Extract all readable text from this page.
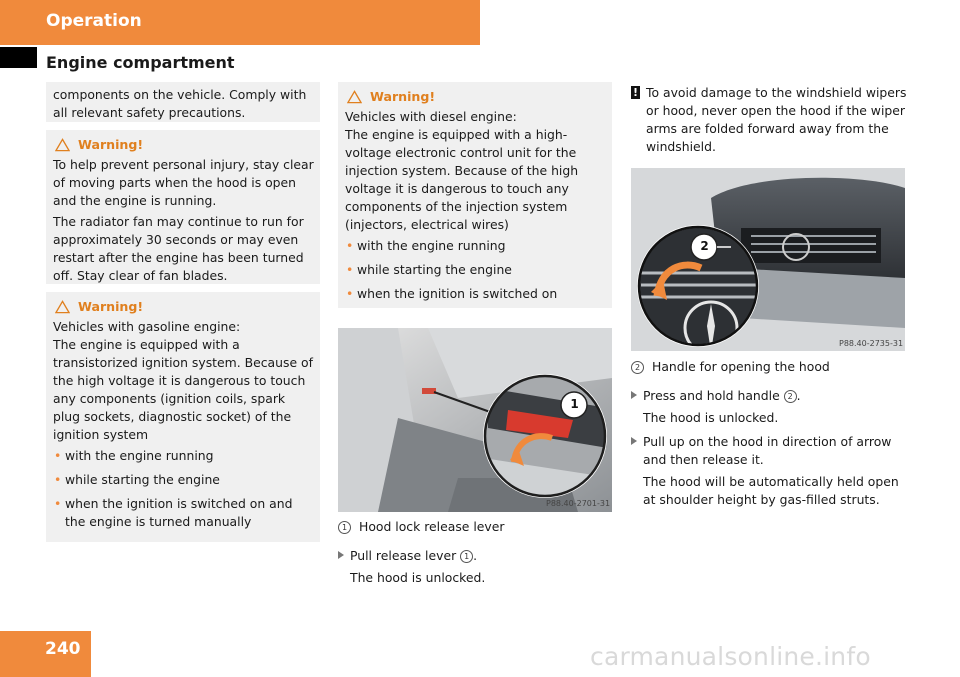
Operation
Engine compartment

components on the vehicle. Comply with all relevant safety precautions.

Warning!

To help prevent personal injury, stay clear of moving parts when the hood is open and the engine is running.

The radiator fan may continue to run for approximately 30 seconds or may even restart after the engine has been turned off. Stay clear of fan blades.

Warning!

Vehicles with gasoline engine:

The engine is equipped with a transistorized ignition system. Because of the high voltage it is dangerous to touch any components (ignition coils, spark plug sockets, diagnostic socket) of the ignition system

• with the engine running
• while starting the engine
• when the ignition is switched on and the engine is turned manually
Warning!

Vehicles with diesel engine:

The engine is equipped with a high-voltage electronic control unit for the injection system. Because of the high voltage it is dangerous to touch any components of the injection system (injectors, electrical wires)

• with the engine running
• while starting the engine
• when the ignition is switched on
1
P88.40-2701-31

1 Hood lock release lever

Pull release lever 1 .

The hood is unlocked.

! To avoid damage to the windshield wipers or hood, never open the hood if the wiper arms are folded forward away from the windshield.

2
P88.40-2735-31

2 Handle for opening the hood

Press and hold handle 2 .

The hood is unlocked.

Pull up on the hood in direction of arrow and then release it.

The hood will be automatically held open at shoulder height by gas-filled struts.

240	carmanualsonline.info
